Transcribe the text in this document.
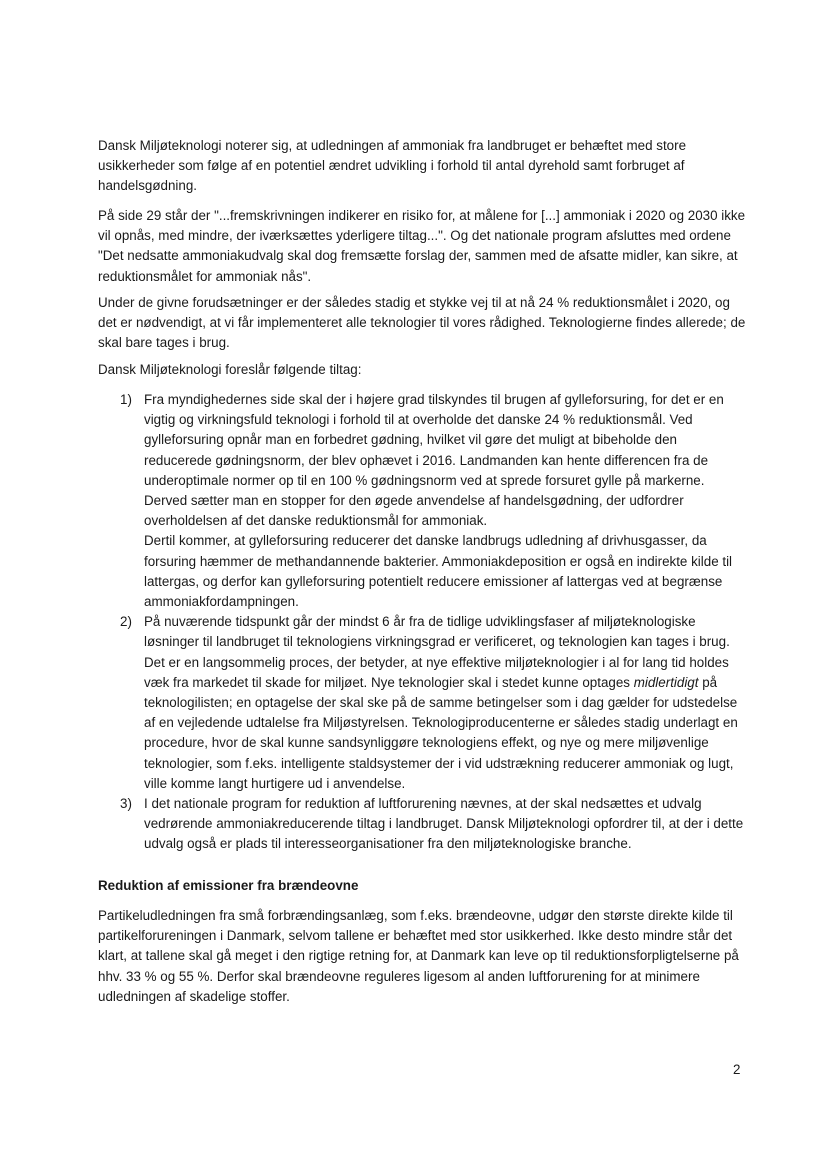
Dansk Miljøteknologi noterer sig, at udledningen af ammoniak fra landbruget er behæftet med store usikkerheder som følge af en potentiel ændret udvikling i forhold til antal dyrehold samt forbruget af handelsgødning.

På side 29 står der "...fremskrivningen indikerer en risiko for, at målene for [...] ammoniak i 2020 og 2030 ikke vil opnås, med mindre, der iværksættes yderligere tiltag...". Og det nationale program afsluttes med ordene "Det nedsatte ammoniakudvalg skal dog fremsætte forslag der, sammen med de afsatte midler, kan sikre, at reduktionsmålet for ammoniak nås".

Under de givne forudsætninger er der således stadig et stykke vej til at nå 24 % reduktionsmålet i 2020, og det er nødvendigt, at vi får implementeret alle teknologier til vores rådighed. Teknologierne findes allerede; de skal bare tages i brug.

Dansk Miljøteknologi foreslår følgende tiltag:

1) Fra myndighedernes side skal der i højere grad tilskyndes til brugen af gylleforsuring, for det er en vigtig og virkningsfuld teknologi i forhold til at overholde det danske 24 % reduktionsmål. Ved gylleforsuring opnår man en forbedret gødning, hvilket vil gøre det muligt at bibeholde den reducerede gødningsnorm, der blev ophævet i 2016. Landmanden kan hente differencen fra de underoptimale normer op til en 100 % gødningsnorm ved at sprede forsuret gylle på markerne. Derved sætter man en stopper for den øgede anvendelse af handelsgødning, der udfordrer overholdelsen af det danske reduktionsmål for ammoniak.
Dertil kommer, at gylleforsuring reducerer det danske landbrugs udledning af drivhusgasser, da forsuring hæmmer de methandannende bakterier. Ammoniakdeposition er også en indirekte kilde til lattergas, og derfor kan gylleforsuring potentielt reducere emissioner af lattergas ved at begrænse ammoniakfordampningen.
2) På nuværende tidspunkt går der mindst 6 år fra de tidlige udviklingsfaser af miljøteknologiske løsninger til landbruget til teknologiens virkningsgrad er verificeret, og teknologien kan tages i brug. Det er en langsommelig proces, der betyder, at nye effektive miljøteknologier i al for lang tid holdes væk fra markedet til skade for miljøet. Nye teknologier skal i stedet kunne optages midlertidigt på teknologilisten; en optagelse der skal ske på de samme betingelser som i dag gælder for udstedelse af en vejledende udtalelse fra Miljøstyrelsen. Teknologiproducenterne er således stadig underlagt en procedure, hvor de skal kunne sandsynliggøre teknologiens effekt, og nye og mere miljøvenlige teknologier, som f.eks. intelligente staldsystemer der i vid udstrækning reducerer ammoniak og lugt, ville komme langt hurtigere ud i anvendelse.
3) I det nationale program for reduktion af luftforurening nævnes, at der skal nedsættes et udvalg vedrørende ammoniakreducerende tiltag i landbruget. Dansk Miljøteknologi opfordrer til, at der i dette udvalg også er plads til interesseorganisationer fra den miljøteknologiske branche.
Reduktion af emissioner fra brændeovne

Partikeludledningen fra små forbrændingsanlæg, som f.eks. brændeovne, udgør den største direkte kilde til partikelforureningen i Danmark, selvom tallene er behæftet med stor usikkerhed. Ikke desto mindre står det klart, at tallene skal gå meget i den rigtige retning for, at Danmark kan leve op til reduktionsforpligtelserne på hhv. 33 % og 55 %. Derfor skal brændeovne reguleres ligesom al anden luftforurening for at minimere udledningen af skadelige stoffer.

2
